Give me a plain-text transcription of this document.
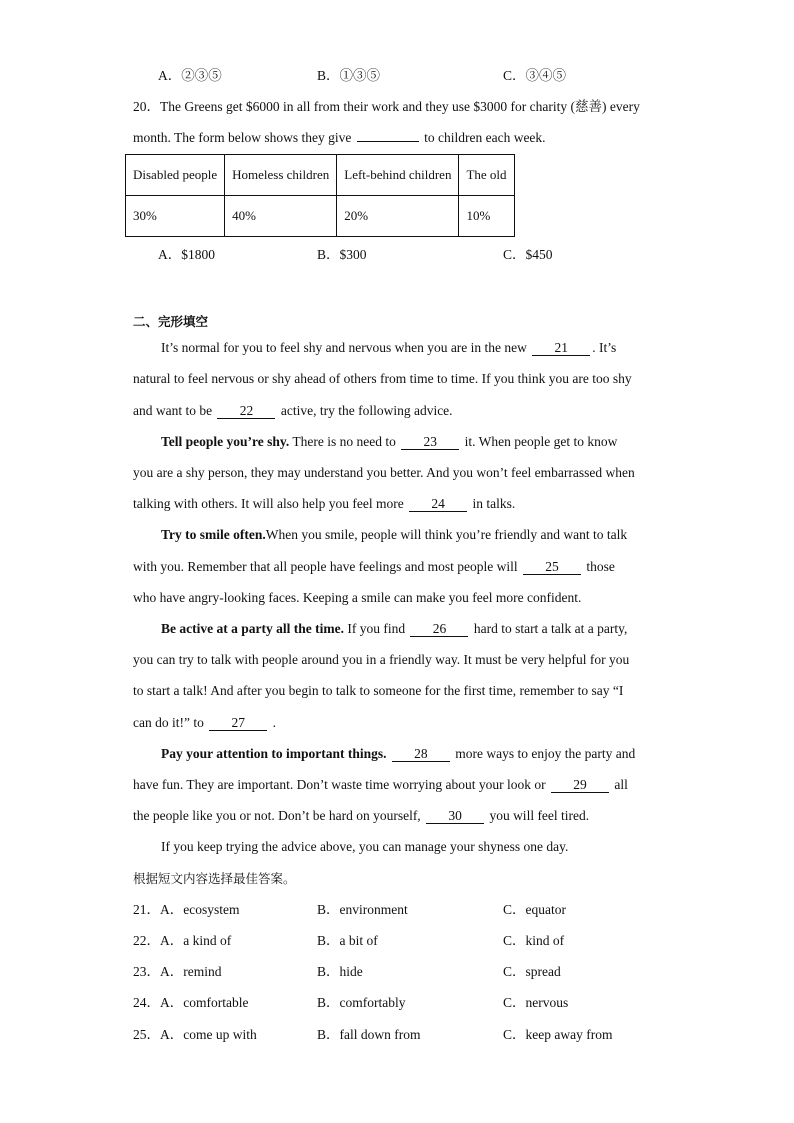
A．②③⑤	B．①③⑤	C．③④⑤
20．The Greens get $6000 in all from their work and they use $3000 for charity (慈善) every
month. The form below shows they give	to children each week.
Disabled people	Homeless children	Left-behind children	The old
30%	40%	20%	10%
A．$1800	B．$300	C．$450
二、完形填空
It’s normal for you to feel shy and nervous when you are in the new 21 . It’s
natural to feel nervous or shy ahead of others from time to time. If you think you are too shy
and want to be 22 active, try the following advice.
Tell people you’re shy. There is no need to 23 it. When people get to know
you are a shy person, they may understand you better. And you won’t feel embarrassed when
talking with others. It will also help you feel more 24 in talks.
Try to smile often.When you smile, people will think you’re friendly and want to talk
with you. Remember that all people have feelings and most people will 25 those
who have angry-looking faces. Keeping a smile can make you feel more confident.
Be active at a party all the time. If you find 26 hard to start a talk at a party,
you can try to talk with people around you in a friendly way. It must be very helpful for you
to start a talk! And after you begin to talk to someone for the first time, remember to say “I
can do it!” to 27 .
Pay your attention to important things. 28 more ways to enjoy the party and
have fun. They are important. Don’t waste time worrying about your look or 29 all
the people like you or not. Don’t be hard on yourself, 30 you will feel tired.
If you keep trying the advice above, you can manage your shyness one day.
根据短文内容选择最佳答案。
21．A．ecosystem	B．environment	C．equator
22．A．a kind of	B．a bit of	C．kind of
23．A．remind	B．hide	C．spread
24．A．comfortable	B．comfortably	C．nervous
25．A．come up with	B．fall down from	C．keep away from
